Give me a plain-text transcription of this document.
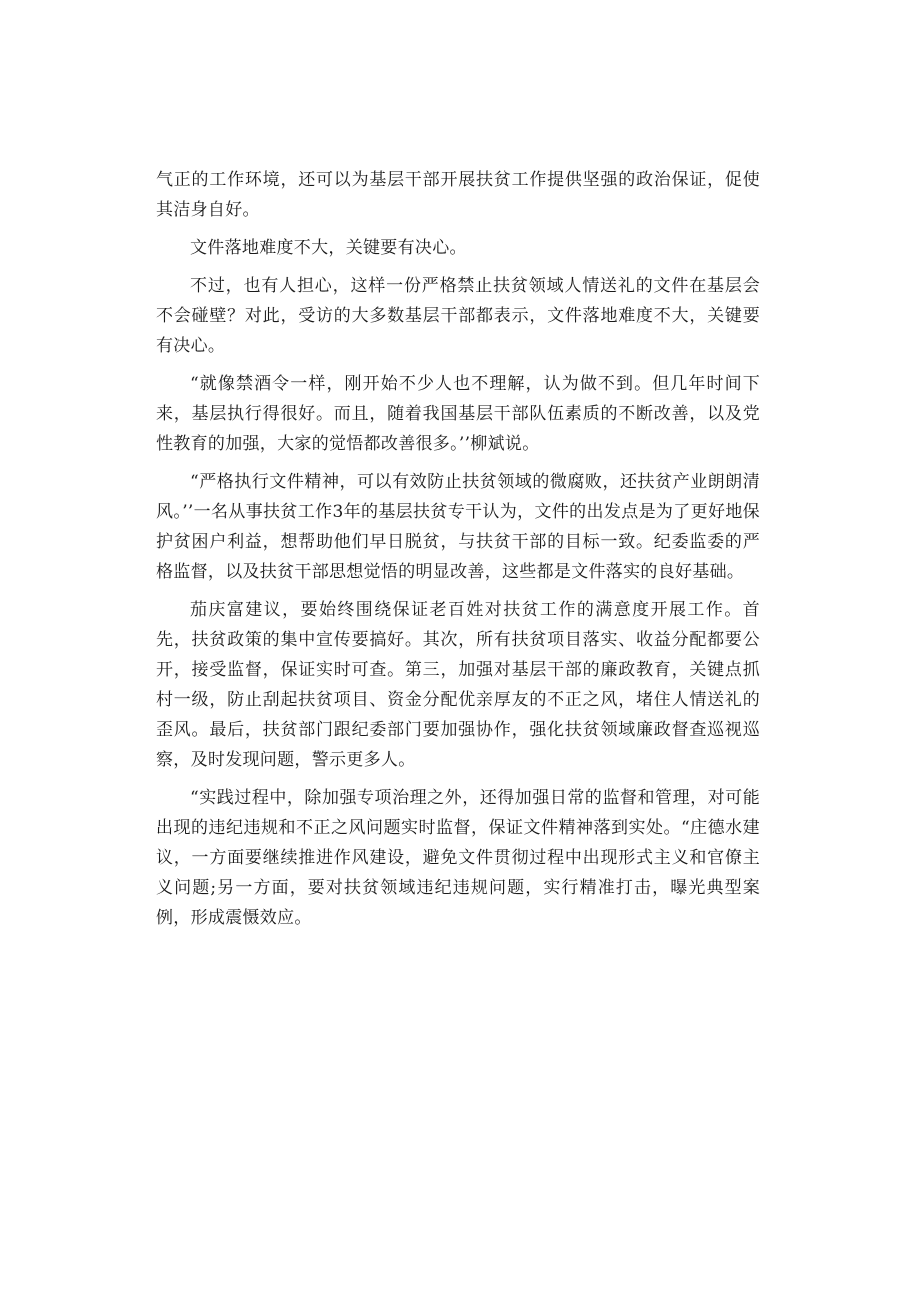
气正的工作环境，还可以为基层干部开展扶贫工作提供坚强的政治保证，促使其洁身自好。

文件落地难度不大，关键要有决心。

不过，也有人担心，这样一份严格禁止扶贫领域人情送礼的文件在基层会不会碰壁？对此，受访的大多数基层干部都表示，文件落地难度不大，关键要有决心。

“就像禁酒令一样，刚开始不少人也不理解，认为做不到。但几年时间下来，基层执行得很好。而且，随着我国基层干部队伍素质的不断改善，以及党性教育的加强，大家的觉悟都改善很多。’’柳斌说。

“严格执行文件精神，可以有效防止扶贫领域的微腐败，还扶贫产业朗朗清风。’’一名从事扶贫工作3年的基层扶贫专干认为，文件的出发点是为了更好地保护贫困户利益，想帮助他们早日脱贫，与扶贫干部的目标一致。纪委监委的严格监督，以及扶贫干部思想觉悟的明显改善，这些都是文件落实的良好基础。

茄庆富建议，要始终围绕保证老百姓对扶贫工作的满意度开展工作。首先，扶贫政策的集中宣传要搞好。其次，所有扶贫项目落实、收益分配都要公开，接受监督，保证实时可查。第三，加强对基层干部的廉政教育，关键点抓村一级，防止刮起扶贫项目、资金分配优亲厚友的不正之风，堵住人情送礼的歪风。最后，扶贫部门跟纪委部门要加强协作，强化扶贫领域廉政督查巡视巡察，及时发现问题，警示更多人。

“实践过程中，除加强专项治理之外，还得加强日常的监督和管理，对可能出现的违纪违规和不正之风问题实时监督，保证文件精神落到实处。“庄德水建议，一方面要继续推进作风建设，避免文件贯彻过程中出现形式主义和官僚主义问题;另一方面，要对扶贫领域违纪违规问题，实行精准打击，曝光典型案例，形成震慑效应。
